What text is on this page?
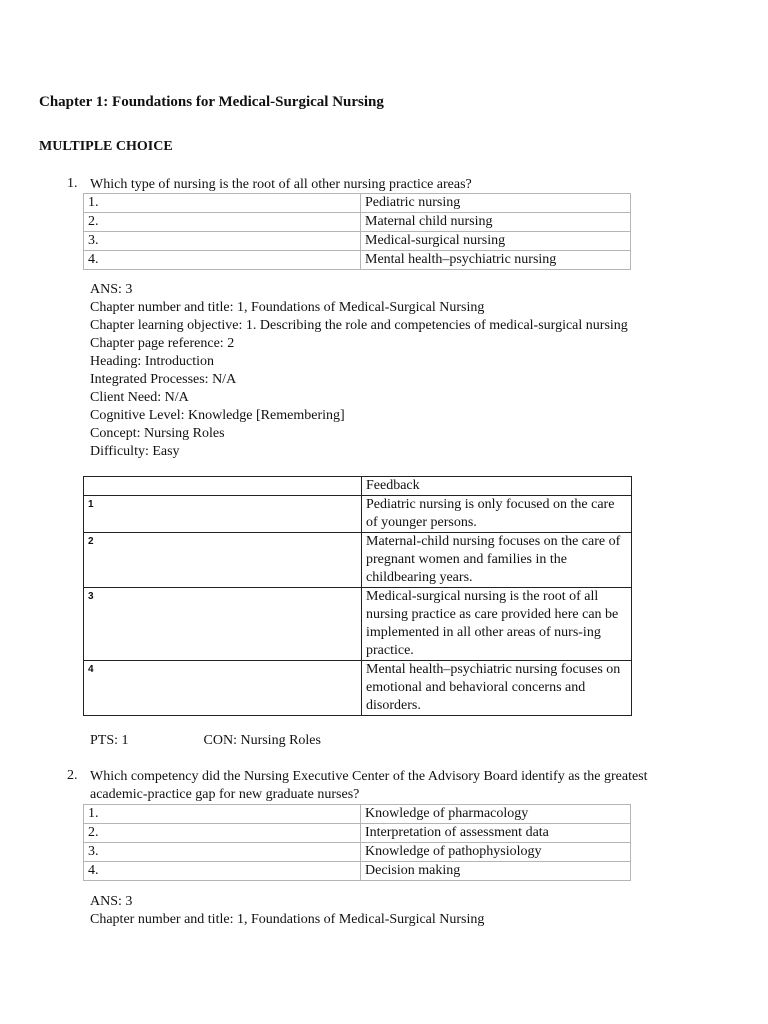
Chapter 1: Foundations for Medical-Surgical Nursing
MULTIPLE CHOICE
1. Which type of nursing is the root of all other nursing practice areas?
1.	Pediatric nursing
2.	Maternal child nursing
3.	Medical-surgical nursing
4.	Mental health–psychiatric nursing
ANS: 3
Chapter number and title: 1, Foundations of Medical-Surgical Nursing
Chapter learning objective: 1. Describing the role and competencies of medical-surgical nursing
Chapter page reference: 2
Heading: Introduction
Integrated Processes: N/A
Client Need: N/A
Cognitive Level: Knowledge [Remembering]
Concept: Nursing Roles
Difficulty: Easy
	Feedback
1	Pediatric nursing is only focused on the care of younger persons.
2	Maternal-child nursing focuses on the care of pregnant women and families in the childbearing years.
3	Medical-surgical nursing is the root of all nursing practice as care provided here can be implemented in all other areas of nurs-ing practice.
4	Mental health–psychiatric nursing focuses on emotional and behavioral concerns and disorders.
PTS: 1	CON: Nursing Roles
2. Which competency did the Nursing Executive Center of the Advisory Board identify as the greatest academic-practice gap for new graduate nurses?
1.	Knowledge of pharmacology
2.	Interpretation of assessment data
3.	Knowledge of pathophysiology
4.	Decision making
ANS: 3
Chapter number and title: 1, Foundations of Medical-Surgical Nursing
